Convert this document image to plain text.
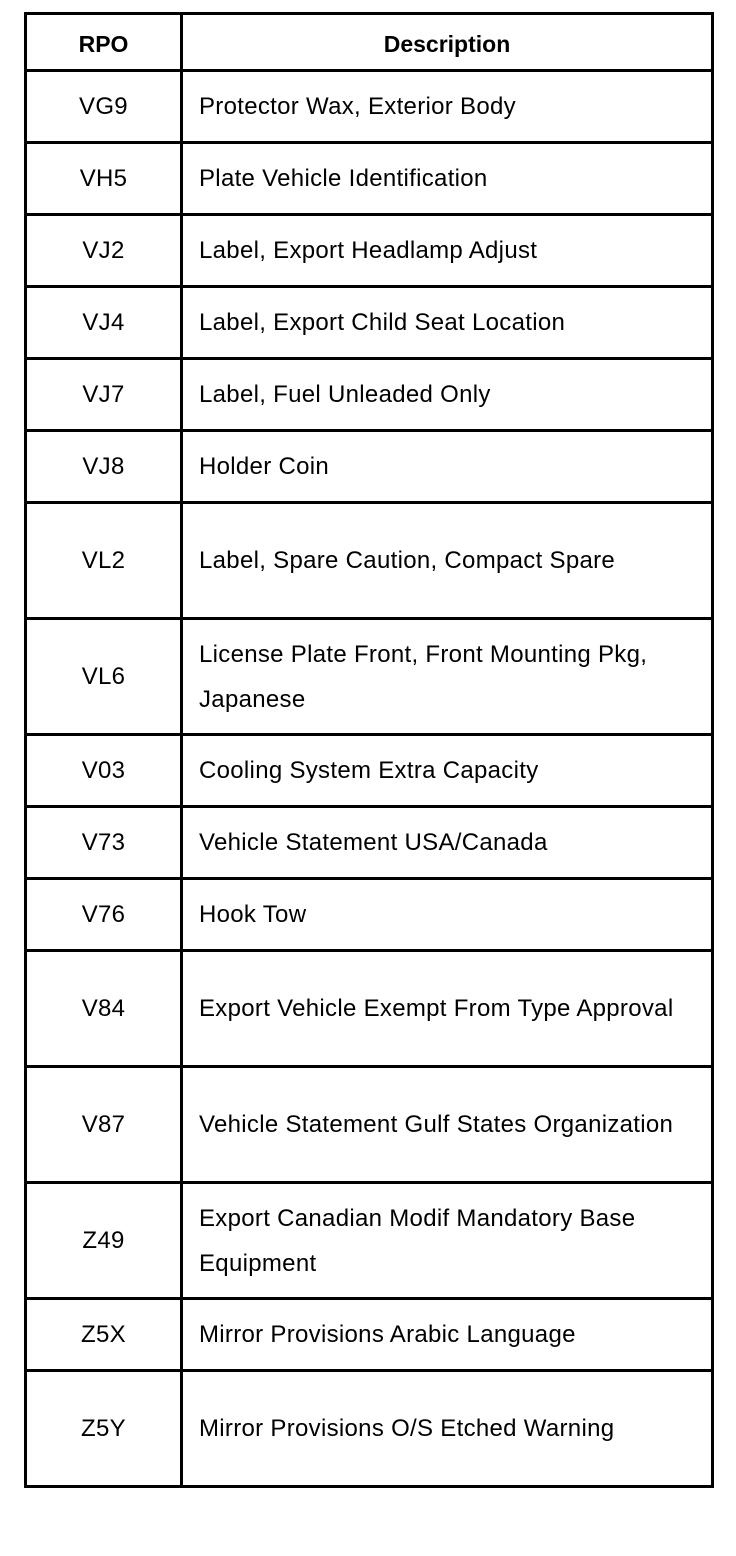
RPO	Description
VG9	Protector Wax, Exterior Body
VH5	Plate Vehicle Identification
VJ2	Label, Export Headlamp Adjust
VJ4	Label, Export Child Seat Location
VJ7	Label, Fuel Unleaded Only
VJ8	Holder Coin
VL2	Label, Spare Caution, Compact Spare
VL6	License Plate Front, Front Mounting Pkg, Japanese
V03	Cooling System Extra Capacity
V73	Vehicle Statement USA/Canada
V76	Hook Tow
V84	Export Vehicle Exempt From Type Approval
V87	Vehicle Statement Gulf States Organization
Z49	Export Canadian Modif Mandatory Base Equipment
Z5X	Mirror Provisions Arabic Language
Z5Y	Mirror Provisions O/S Etched Warning
